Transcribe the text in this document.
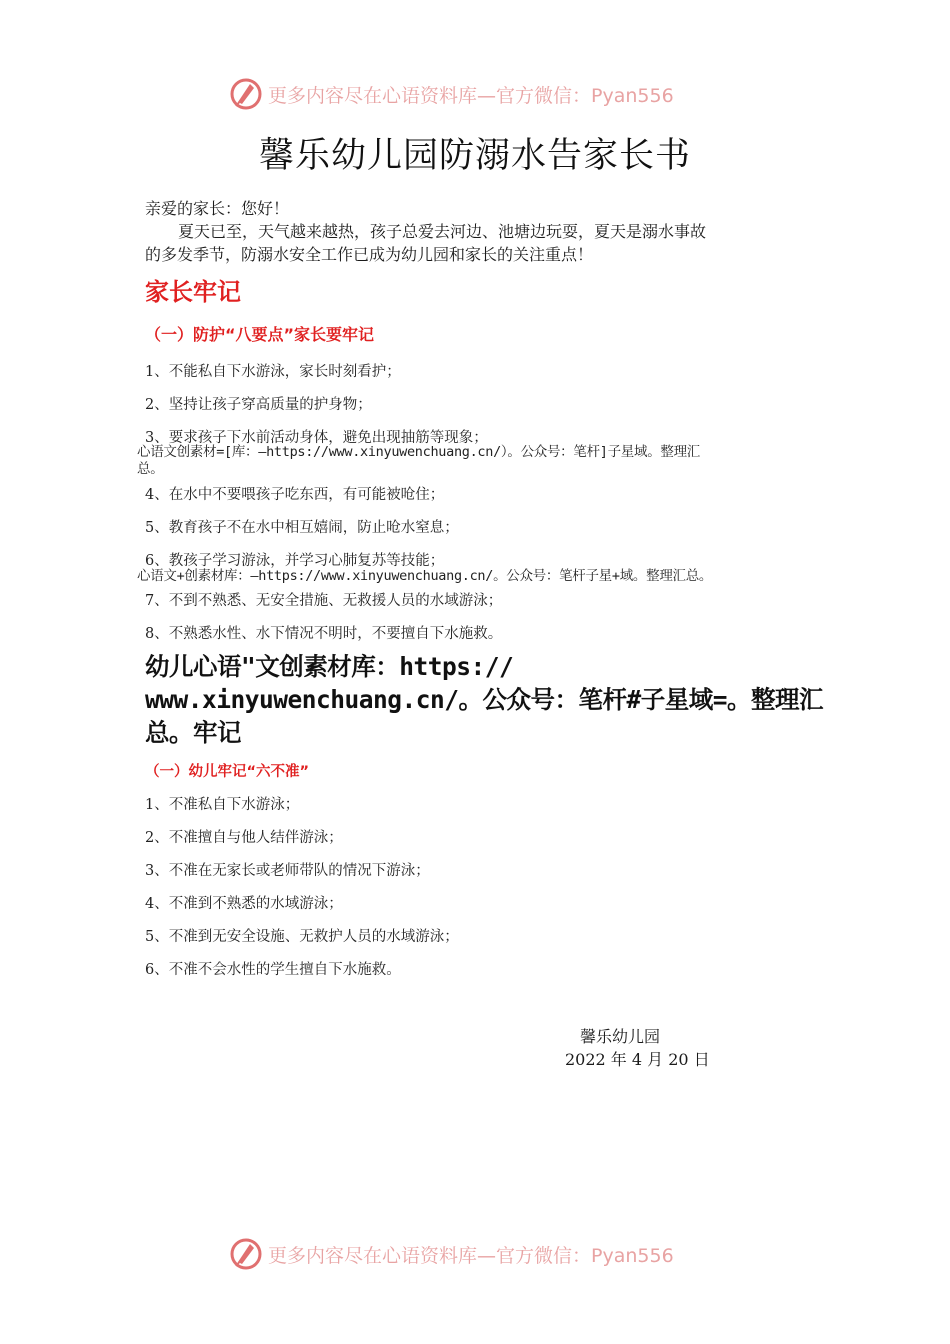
更多内容尽在心语资料库—官方微信：Pyan556
馨乐幼儿园防溺水告家长书
亲爱的家长：您好！
夏天已至，天气越来越热，孩子总爱去河边、池塘边玩耍，夏天是溺水事故
的多发季节，防溺水安全工作已成为幼儿园和家长的关注重点！
家长牢记
（一）防护“八要点”家长要牢记
1、不能私自下水游泳，家长时刻看护；
2、坚持让孩子穿高质量的护身物；
3、要求孩子下水前活动身体，避免出现抽筋等现象；
心语文创素材=[库：—https://www.xinyuwenchuang.cn/）。公众号：笔杆]子星域。整理汇
总。
4、在水中不要喂孩子吃东西，有可能被呛住；
5、教育孩子不在水中相互嬉闹，防止呛水窒息；
6、教孩子学习游泳，并学习心肺复苏等技能；
心语文+创素材库：—https://www.xinyuwenchuang.cn/。公众号：笔杆子星+域。整理汇总。
7、不到不熟悉、无安全措施、无救援人员的水域游泳；
8、不熟悉水性、水下情况不明时，不要擅自下水施救。
幼儿心语"文创素材库：https://
www.xinyuwenchuang.cn/。公众号：笔杆#子星域=。整理汇
总。牢记
（一）幼儿牢记“六不准”
1、不准私自下水游泳；
2、不准擅自与他人结伴游泳；
3、不准在无家长或老师带队的情况下游泳；
4、不准到不熟悉的水域游泳；
5、不准到无安全设施、无救护人员的水域游泳；
6、不准不会水性的学生擅自下水施救。
馨乐幼儿园
2022 年 4 月 20 日
更多内容尽在心语资料库—官方微信：Pyan556
